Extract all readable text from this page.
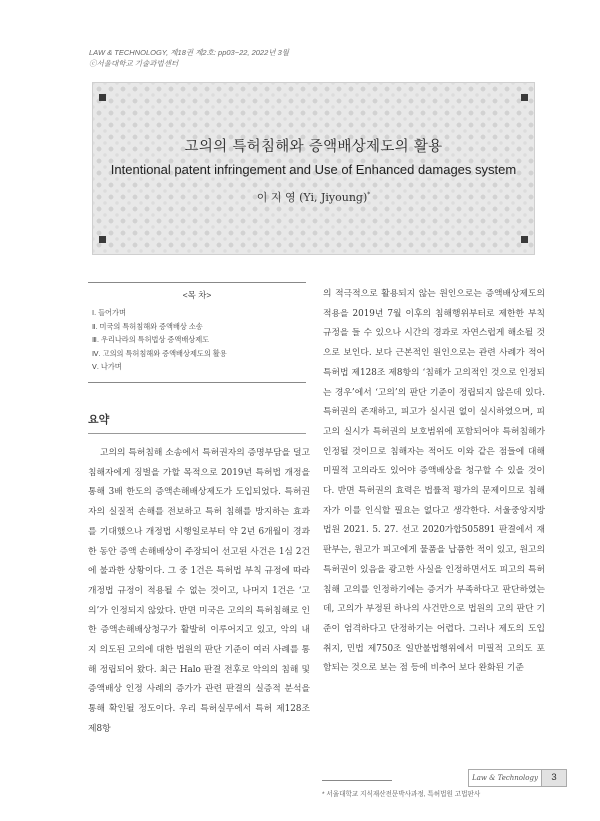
LAW & TECHNOLOGY, 제18권 제2호: pp03~22, 2022년 3월
ⓒ서울대학교 기술과법센터
고의의 특허침해와 증액배상제도의 활용
Intentional patent infringement and Use of Enhanced damages system
이 지 영 (Yi, Jiyoung)*
<목 차>
Ⅰ. 들어가며
Ⅱ. 미국의 특허침해와 증액배상 소송
Ⅲ. 우리나라의 특허법상 증액배상제도
Ⅳ. 고의의 특허침해와 증액배상제도의 활용
Ⅴ. 나가며
요약
고의의 특허침해 소송에서 특허권자의 증명부담을 덜고 침해자에게 징벌을 가할 목적으로 2019년 특허법 개정을 통해 3배 한도의 증액손해배상제도가 도입되었다. 특허권자의 실질적 손해를 전보하고 특허 침해를 방지하는 효과를 기대했으나 개정법 시행일로부터 약 2년 6개월이 경과한 동안 증액 손해배상이 주장되어 선고된 사건은 1심 2건에 불과한 상황이다. 그 중 1건은 특허법 부칙 규정에 따라 개정법 규정이 적용될 수 없는 것이고, 나머지 1건은 ‘고의’가 인정되지 않았다. 반면 미국은 고의의 특허침해로 인한 증액손해배상청구가 활발히 이루어지고 있고, 악의 내지 의도된 고의에 대한 법원의 판단 기준이 여러 사례를 통해 정립되어 왔다. 최근 Halo 판결 전후로 악의의 침해 및 증액배상 인정 사례의 증가가 관련 판결의 실증적 분석을 통해 확인될 정도이다. 우리 특허실무에서 특허 제128조 제8항
의 적극적으로 활용되지 않는 원인으로는 증액배상제도의 적용을 2019년 7월 이후의 침해행위부터로 제한한 부칙규정을 들 수 있으나 시간의 경과로 자연스럽게 해소될 것으로 보인다. 보다 근본적인 원인으로는 관련 사례가 적어 특허법 제128조 제8항의 ‘침해가 고의적인 것으로 인정되는 경우’에서 ‘고의’의 판단 기준이 정립되지 않은데 있다. 특허권의 존재하고, 피고가 실시권 없이 실시하였으며, 피고의 실시가 특허권의 보호범위에 포함되어야 특허침해가 인정될 것이므로 침해자는 적어도 이와 같은 점들에 대해 미필적 고의라도 있어야 증액배상을 청구할 수 있을 것이다. 반면 특허권의 효력은 법률적 평가의 문제이므로 침해자가 이를 인식할 필요는 없다고 생각한다. 서울중앙지방법원 2021. 5. 27. 선고 2020가합505891 판결에서 재판부는, 원고가 피고에게 물품을 납품한 적이 있고, 원고의 특허권이 있음을 광고한 사실을 인정하면서도 피고의 특허침해 고의를 인정하기에는 증거가 부족하다고 판단하였는데, 고의가 부정된 하나의 사건만으로 법원의 고의 판단 기준이 엄격하다고 단정하기는 어렵다. 그러나 제도의 도입 취지, 민법 제750조 일반불법행위에서 미필적 고의도 포함되는 것으로 보는 점 등에 비추어 보다 완화된 기준
* 서울대학교 지식재산전문박사과정, 특허법원 고법판사
Law & Technology	3
